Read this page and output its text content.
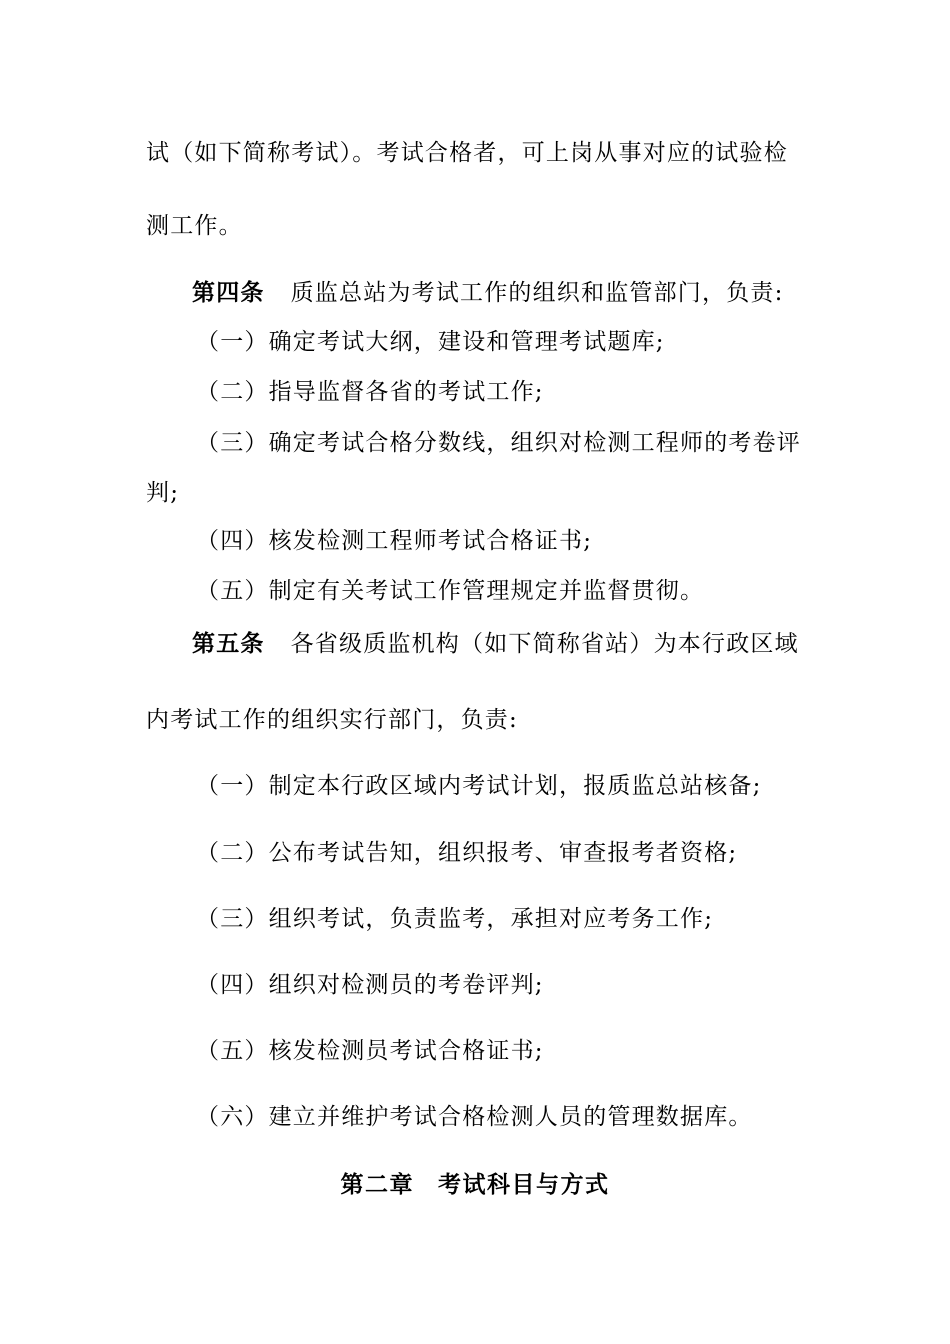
试（如下简称考试）。考试合格者，可上岗从事对应的试验检
测工作。
第四条 质监总站为考试工作的组织和监管部门，负责:
（一）确定考试大纲，建设和管理考试题库;
（二）指导监督各省的考试工作;
（三）确定考试合格分数线，组织对检测工程师的考卷评
判;
（四）核发检测工程师考试合格证书;
（五）制定有关考试工作管理规定并监督贯彻。
第五条 各省级质监机构（如下简称省站）为本行政区域
内考试工作的组织实行部门，负责:
（一）制定本行政区域内考试计划，报质监总站核备;
（二）公布考试告知，组织报考、审查报考者资格;
（三）组织考试，负责监考，承担对应考务工作;
（四）组织对检测员的考卷评判;
（五）核发检测员考试合格证书;
（六）建立并维护考试合格检测人员的管理数据库。
第二章 考试科目与方式
